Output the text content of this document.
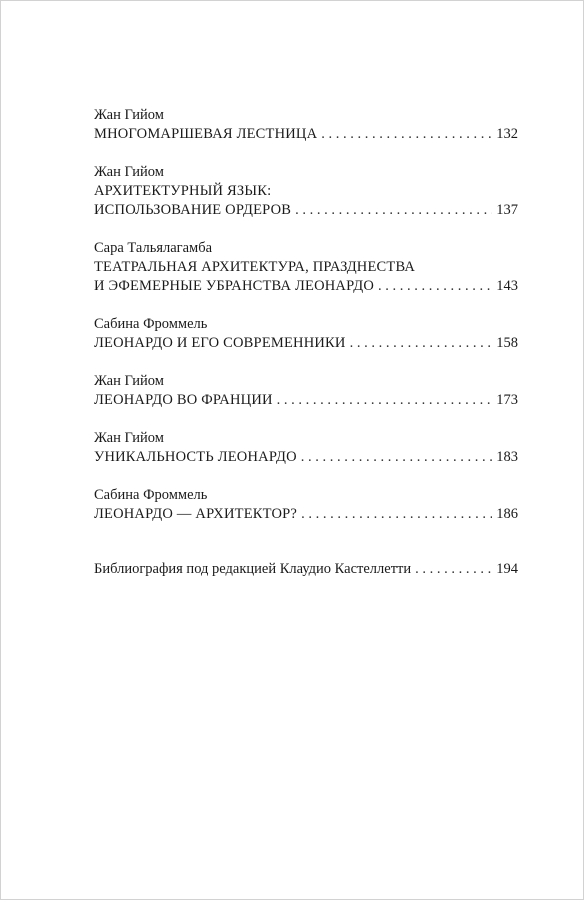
Жан Гийом
МНОГОМАРШЕВАЯ ЛЕСТНИЦА . . .	132
Жан Гийом
АРХИТЕКТУРНЫЙ ЯЗЫК:
ИСПОЛЬЗОВАНИЕ ОРДЕРОВ . . .	137
Сара Тальялагамба
ТЕАТРАЛЬНАЯ АРХИТЕКТУРА, ПРАЗДНЕСТВА
И ЭФЕМЕРНЫЕ УБРАНСТВА ЛЕОНАРДО . . .	143
Сабина Фроммель
ЛЕОНАРДО И ЕГО СОВРЕМЕННИКИ . . .	158
Жан Гийом
ЛЕОНАРДО ВО ФРАНЦИИ . . .	173
Жан Гийом
УНИКАЛЬНОСТЬ ЛЕОНАРДО . . .	183
Сабина Фроммель
ЛЕОНАРДО — АРХИТЕКТОР? . . .	186
Библиография под редакцией Клаудио Кастеллетти . . .	194
